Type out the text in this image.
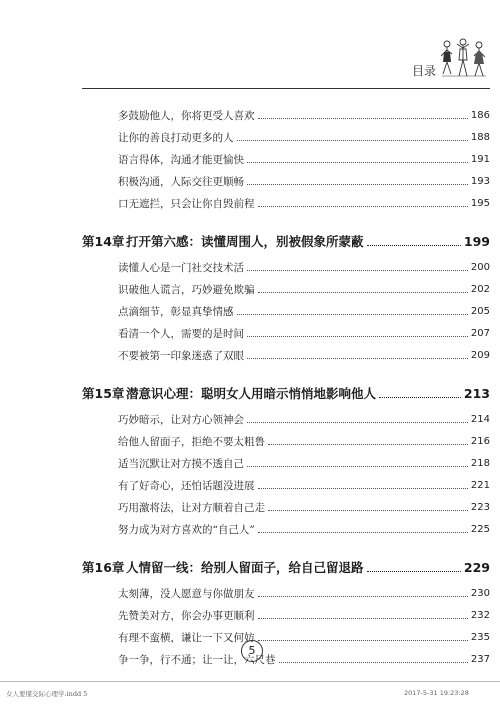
目录
多鼓励他人，你将更受人喜欢	186
让你的善良打动更多的人	188
语言得体，沟通才能更愉快	191
积极沟通，人际交往更顺畅	193
口无遮拦，只会让你自毁前程	195
第14章 打开第六感：读懂周围人，别被假象所蒙蔽	199
读懂人心是一门社交技术活	200
识破他人谎言，巧妙避免欺骗	202
点滴细节，彰显真挚情感	205
看清一个人，需要的是时间	207
不要被第一印象迷惑了双眼	209
第15章 潜意识心理：聪明女人用暗示悄悄地影响他人	213
巧妙暗示，让对方心领神会	214
给他人留面子，拒绝不要太粗鲁	216
适当沉默让对方摸不透自己	218
有了好奇心，还怕话题没进展	221
巧用激将法，让对方顺着自己走	223
努力成为对方喜欢的“自己人”	225
第16章 人情留一线：给别人留面子，给自己留退路	229
太刻薄，没人愿意与你做朋友	230
先赞美对方，你会办事更顺利	232
有理不蛮横，谦让一下又何妨	235
争一争，行不通；让一让，六尺巷	237
5
女人要懂交际心理学.indd 5	2017-5-31 19:23:28
